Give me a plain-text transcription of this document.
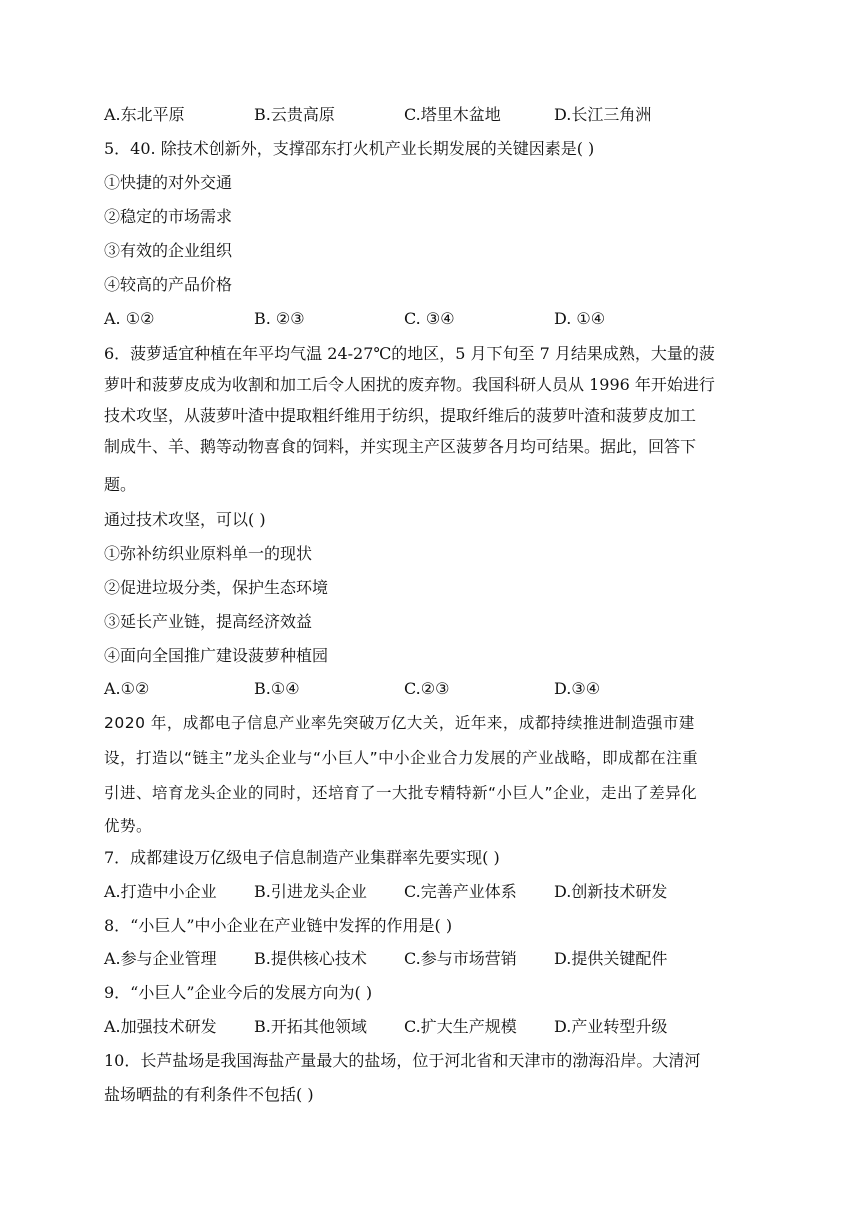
A.东北平原	B.云贵高原	C.塔里木盆地	D.长江三角洲
5．40. 除技术创新外，支撑邵东打火机产业长期发展的关键因素是( )
①快捷的对外交通
②稳定的市场需求
③有效的企业组织
④较高的产品价格
A. ①②	B. ②③	C. ③④	D. ①④
6．菠萝适宜种植在年平均气温 24-27℃的地区，5 月下旬至 7 月结果成熟，大量的菠
萝叶和菠萝皮成为收割和加工后令人困扰的废弃物。我国科研人员从 1996 年开始进行
技术攻坚，从菠萝叶渣中提取粗纤维用于纺织，提取纤维后的菠萝叶渣和菠萝皮加工
制成牛、羊、鹅等动物喜食的饲料，并实现主产区菠萝各月均可结果。据此，回答下
题。
通过技术攻坚，可以( )
①弥补纺织业原料单一的现状
②促进垃圾分类，保护生态环境
③延长产业链，提高经济效益
④面向全国推广建设菠萝种植园
A.①②	B.①④	C.②③	D.③④
2020 年，成都电子信息产业率先突破万亿大关，近年来，成都持续推进制造强市建
设，打造以“链主”龙头企业与“小巨人”中小企业合力发展的产业战略，即成都在注重
引进、培育龙头企业的同时，还培育了一大批专精特新“小巨人”企业，走出了差异化
优势。
7．成都建设万亿级电子信息制造产业集群率先要实现( )
A.打造中小企业 B.引进龙头企业 C.完善产业体系 D.创新技术研发
8．“小巨人”中小企业在产业链中发挥的作用是( )
A.参与企业管理 B.提供核心技术 C.参与市场营销 D.提供关键配件
9．“小巨人”企业今后的发展方向为( )
A.加强技术研发 B.开拓其他领域 C.扩大生产规模 D.产业转型升级
10．长芦盐场是我国海盐产量最大的盐场，位于河北省和天津市的渤海沿岸。大清河
盐场晒盐的有利条件不包括( )
